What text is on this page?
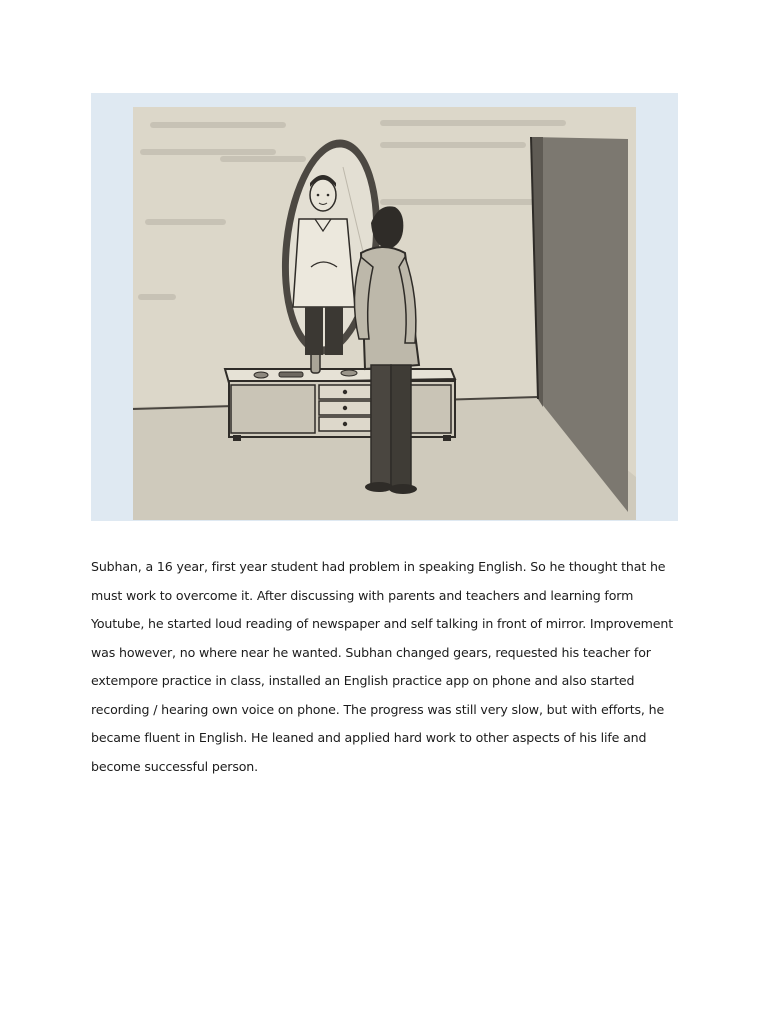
Subhan, a 16 year, first year student had problem in speaking English. So he thought that he must work to overcome it. After discussing with parents and teachers and learning form Youtube, he started loud reading of newspaper and self talking in front of mirror. Improvement was however, no where near he wanted. Subhan changed gears, requested his teacher for extempore practice in class, installed an English practice app on phone and also started recording / hearing own voice on phone. The progress was still very slow, but with efforts, he became fluent in English. He leaned and applied hard work to other aspects of his life and become successful person.
